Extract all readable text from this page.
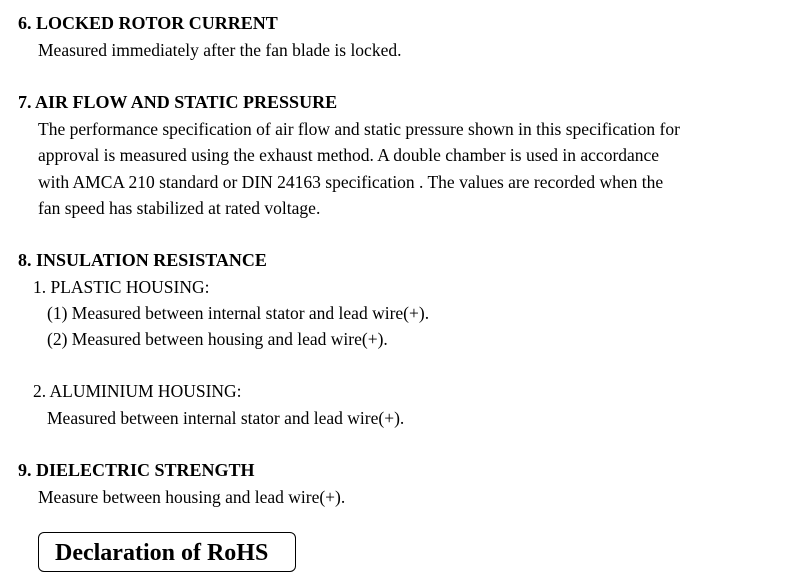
6. LOCKED ROTOR CURRENT
Measured immediately after the fan blade is locked.
7. AIR FLOW AND STATIC PRESSURE
The performance specification of air flow and static pressure shown in this specification for
approval is measured using the exhaust method. A double chamber is used in accordance
with AMCA 210 standard or DIN 24163 specification . The values are recorded when the
fan speed has stabilized at rated voltage.
8. INSULATION RESISTANCE
1. PLASTIC HOUSING:
(1) Measured between internal stator and lead wire(+).
(2) Measured between housing and lead wire(+).
2. ALUMINIUM HOUSING:
Measured between internal stator and lead wire(+).
9. DIELECTRIC STRENGTH
Measure between housing and lead wire(+).
Declaration of RoHS
